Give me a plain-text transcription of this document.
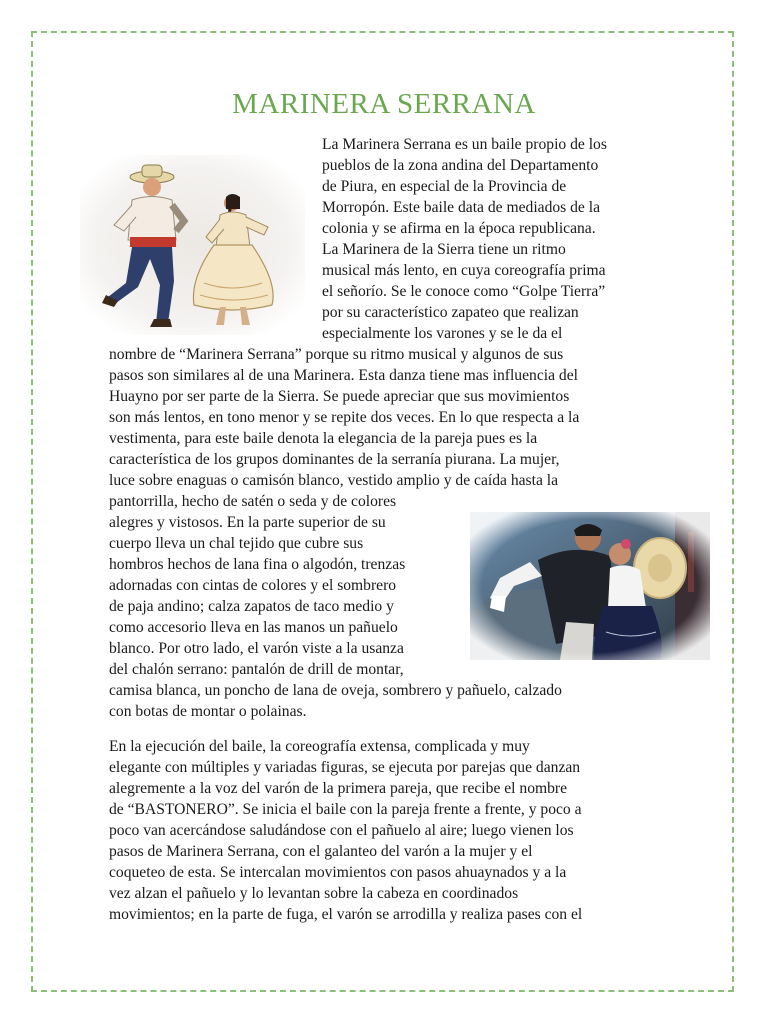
MARINERA SERRANA
La Marinera Serrana es un baile propio de los
pueblos de la zona andina del Departamento
de Piura, en especial de la Provincia de
Morropón. Este baile data de mediados de la
colonia y se afirma en la época republicana.
La Marinera de la Sierra tiene un ritmo
musical más lento, en cuya coreografía prima
el señorío. Se le conoce como “Golpe Tierra”
por su característico zapateo que realizan
especialmente los varones y se le da el
nombre de “Marinera Serrana” porque su ritmo musical y algunos de sus
pasos son similares al de una Marinera. Esta danza tiene mas influencia del
Huayno por ser parte de la Sierra. Se puede apreciar que sus movimientos
son más lentos, en tono menor y se repite dos veces. En lo que respecta a la
vestimenta, para este baile denota la elegancia de la pareja pues es la
característica de los grupos dominantes de la serranía piurana. La mujer,
luce sobre enaguas o camisón blanco, vestido amplio y de caída hasta la
pantorrilla, hecho de satén o seda y de colores
alegres y vistosos. En la parte superior de su
cuerpo lleva un chal tejido que cubre sus
hombros hechos de lana fina o algodón, trenzas
adornadas con cintas de colores y el sombrero
de paja andino; calza zapatos de taco medio y
como accesorio lleva en las manos un pañuelo
blanco. Por otro lado, el varón viste a la usanza
del chalón serrano: pantalón de drill de montar,
camisa blanca, un poncho de lana de oveja, sombrero y pañuelo, calzado
con botas de montar o polainas.
En la ejecución del baile, la coreografía extensa, complicada y muy
elegante con múltiples y variadas figuras, se ejecuta por parejas que danzan
alegremente a la voz del varón de la primera pareja, que recibe el nombre
de “BASTONERO”. Se inicia el baile con la pareja frente a frente, y poco a
poco van acercándose saludándose con el pañuelo al aire; luego vienen los
pasos de Marinera Serrana, con el galanteo del varón a la mujer y el
coqueteo de esta. Se intercalan movimientos con pasos ahuaynados y a la
vez alzan el pañuelo y lo levantan sobre la cabeza en coordinados
movimientos; en la parte de fuga, el varón se arrodilla y realiza pases con el
